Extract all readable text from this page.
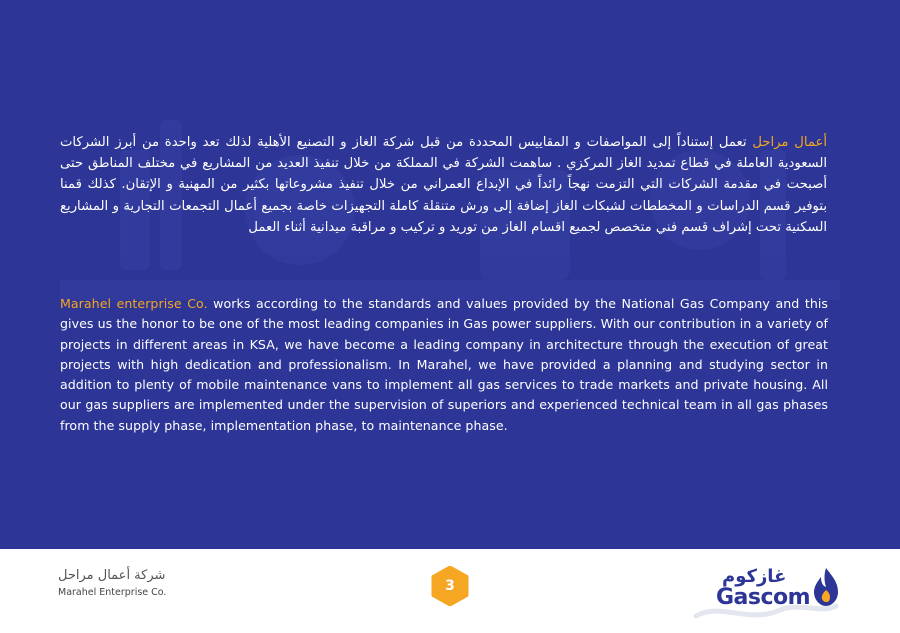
أعمال مراحل تعمل إستناداً إلى المواصفات و المقاييس المحددة من قبل شركة الغاز و التصنيع الأهلية لذلك تعد واحدة من أبرز الشركات السعودية العاملة في قطاع تمديد الغاز المركزي . ساهمت الشركة في المملكة من خلال تنفيذ العديد من المشاريع في مختلف المناطق حتى أصبحت في مقدمة الشركات التي التزمت نهجاً رائداً في الإبداع العمراني من خلال تنفيذ مشروعاتها بكثير من المهنية و الإتقان. كذلك قمنا بتوفير قسم الدراسات و المخططات لشبكات الغاز إضافة إلى ورش متنقلة كاملة التجهيزات خاصة بجميع أعمال التجمعات التجارية و المشاريع السكنية تحت إشراف قسم فني متخصص لجميع اقسام الغاز من توريد و تركيب و مراقبة ميدانية أثناء العمل
Marahel enterprise Co. works according to the standards and values provided by the National Gas Company and this gives us the honor to be one of the most leading companies in Gas power suppliers. With our contribution in a variety of projects in different areas in KSA, we have become a leading company in architecture through the execution of great projects with high dedication and professionalism. In Marahel, we have provided a planning and studying sector in addition to plenty of mobile maintenance vans to implement all gas services to trade markets and private housing. All our gas suppliers are implemented under the supervision of superiors and experienced technical team in all gas phases from the supply phase, implementation phase, to maintenance phase.
شركة أعمال مراحل
Marahel Enterprise Co.	3	غازكوم
Gascom
